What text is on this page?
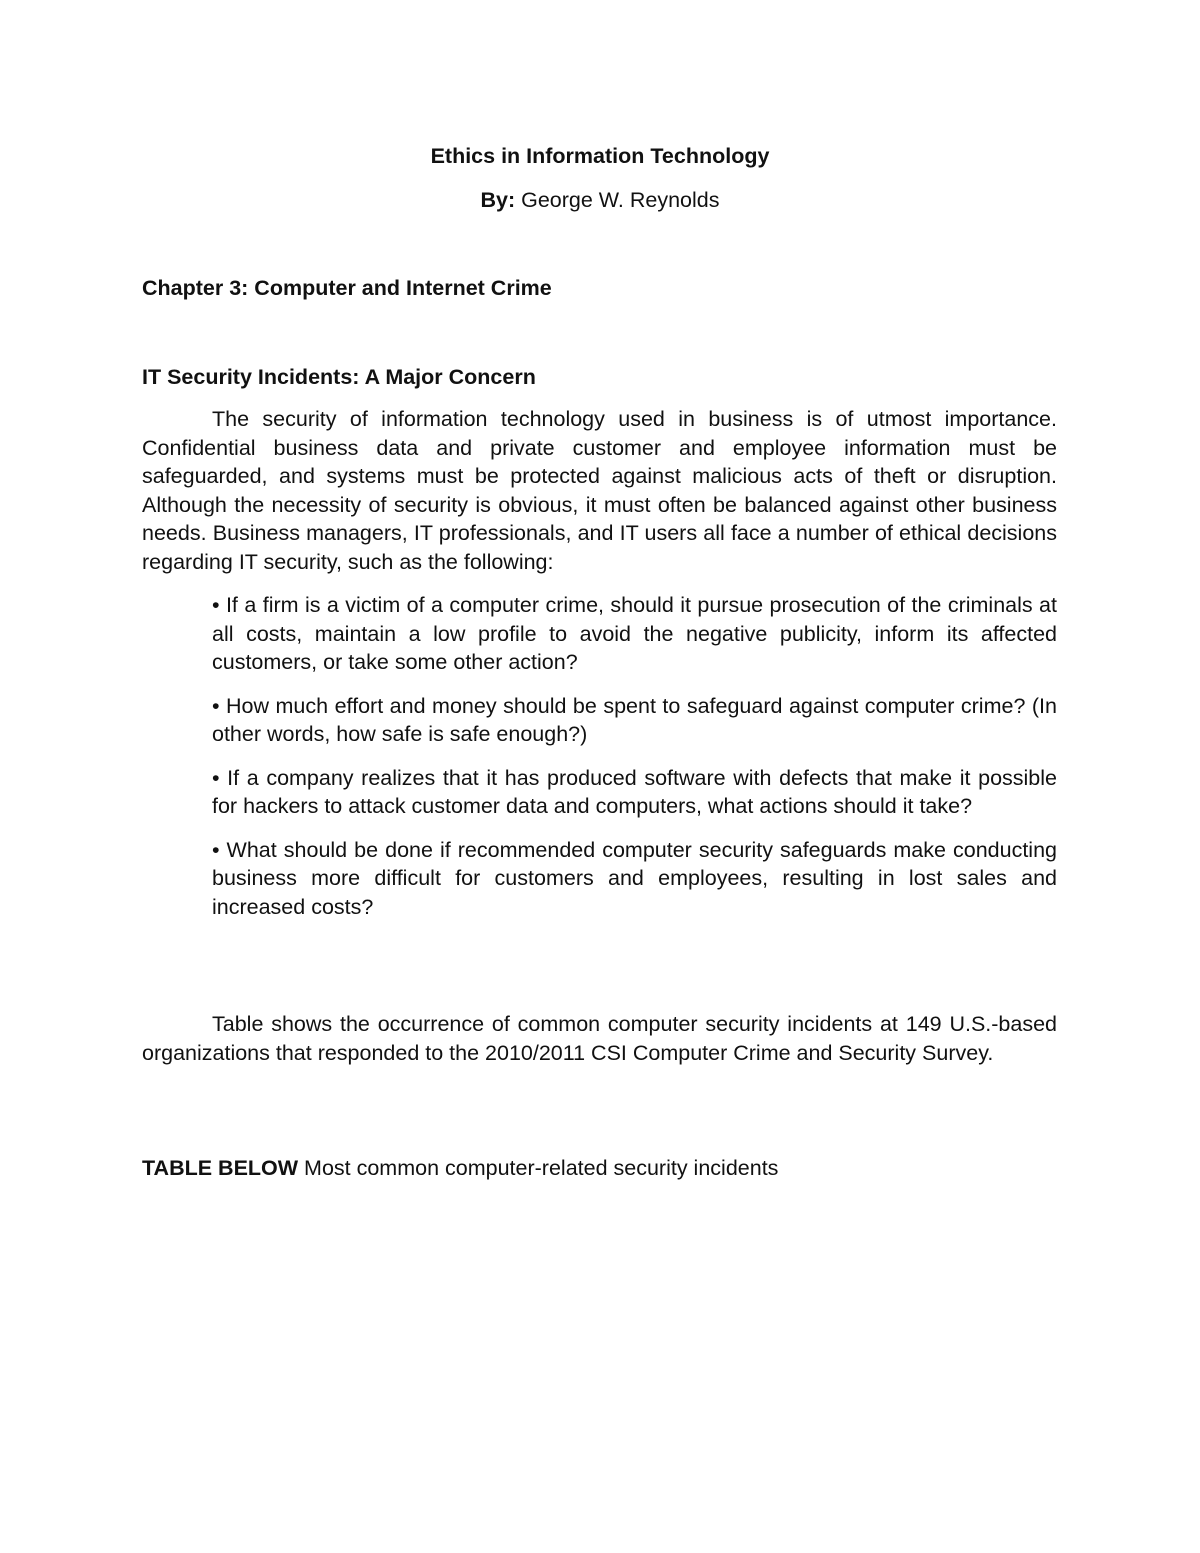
Ethics in Information Technology

By: George W. Reynolds

Chapter 3: Computer and Internet Crime

IT Security Incidents: A Major Concern

The security of information technology used in business is of utmost importance. Confidential business data and private customer and employee information must be safeguarded, and systems must be protected against malicious acts of theft or disruption. Although the necessity of security is obvious, it must often be balanced against other business needs. Business managers, IT professionals, and IT users all face a number of ethical decisions regarding IT security, such as the following:

• If a firm is a victim of a computer crime, should it pursue prosecution of the criminals at all costs, maintain a low profile to avoid the negative publicity, inform its affected customers, or take some other action?
• How much effort and money should be spent to safeguard against computer crime? (In other words, how safe is safe enough?)
• If a company realizes that it has produced software with defects that make it possible for hackers to attack customer data and computers, what actions should it take?
• What should be done if recommended computer security safeguards make conducting business more difficult for customers and employees, resulting in lost sales and increased costs?

Table shows the occurrence of common computer security incidents at 149 U.S.-based organizations that responded to the 2010/2011 CSI Computer Crime and Security Survey.

TABLE BELOW Most common computer-related security incidents
